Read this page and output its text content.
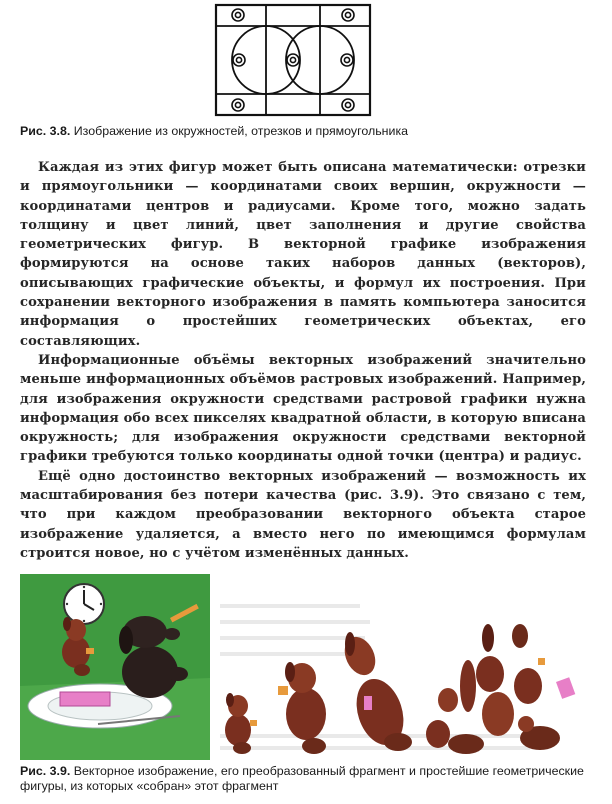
Рис. 3.8. Изображение из окружностей, отрезков и прямоугольника

Каждая из этих фигур может быть описана математически: отрезки и прямоугольники — координатами своих вершин, окружности — координатами центров и радиусами. Кроме того, можно задать толщину и цвет линий, цвет заполнения и другие свойства геометрических фигур. В векторной графике изображения формируются на основе таких наборов данных (векторов), описывающих графические объекты, и формул их построения. При сохранении векторного изображения в память компьютера заносится информация о простейших геометрических объектах, его составляющих.

Информационные объёмы векторных изображений значительно меньше информационных объёмов растровых изображений. Например, для изображения окружности средствами растровой графики нужна информация обо всех пикселях квадратной области, в которую вписана окружность; для изображения окружности средствами векторной графики требуются только координаты одной точки (центра) и радиус.

Ещё одно достоинство векторных изображений — возможность их масштабирования без потери качества (рис. 3.9). Это связано с тем, что при каждом преобразовании векторного объекта старое изображение удаляется, а вместо него по имеющимся формулам строится новое, но с учётом изменённых данных.

Рис. 3.9. Векторное изображение, его преобразованный фрагмент и простейшие геометрические фигуры, из которых «собран» этот фрагмент
